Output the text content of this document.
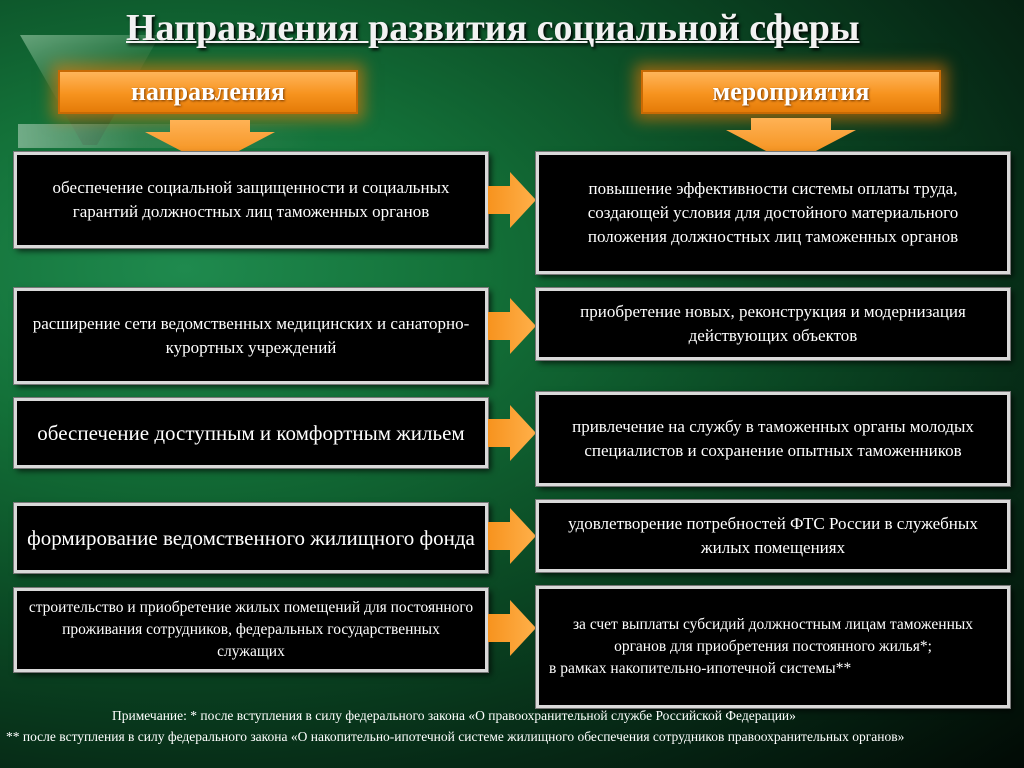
Направления развития социальной сферы
направления	мероприятия
обеспечение социальной защищенности и социальных гарантий должностных лиц таможенных органов
расширение сети ведомственных медицинских и санаторно-курортных учреждений
обеспечение доступным и комфортным жильем
формирование ведомственного жилищного фонда
строительство и приобретение жилых помещений для постоянного проживания сотрудников, федеральных государственных служащих
повышение эффективности системы оплаты труда, создающей условия для достойного материального положения должностных лиц таможенных органов
приобретение новых, реконструкция и модернизация действующих объектов
привлечение на службу в таможенных органы молодых специалистов и сохранение опытных таможенников
удовлетворение потребностей ФТС России в служебных жилых помещениях
за счет выплаты субсидий должностным лицам таможенных органов для приобретения постоянного жилья*;
в рамках накопительно-ипотечной системы**
Примечание: * после вступления в силу федерального закона «О правоохранительной службе Российской Федерации»
** после вступления в силу федерального закона «О накопительно-ипотечной системе жилищного обеспечения сотрудников правоохранительных органов»
